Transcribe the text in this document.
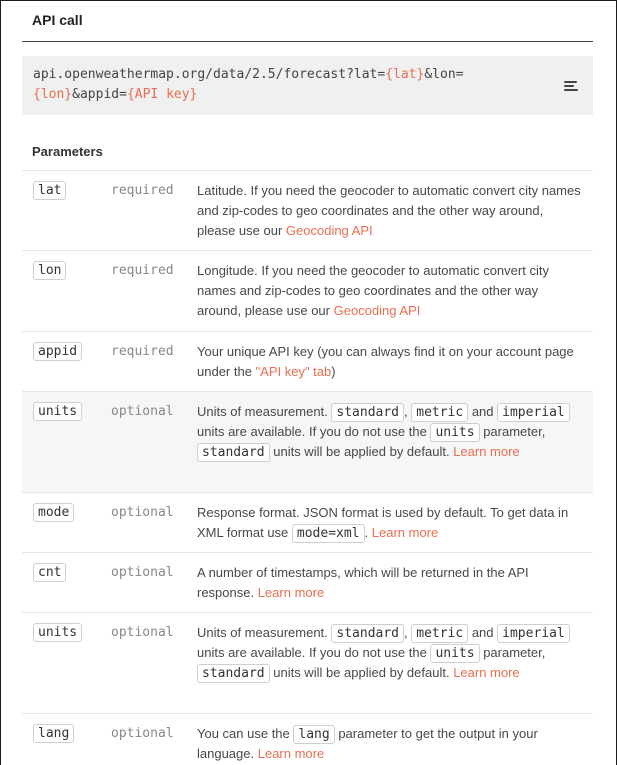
API call
api.openweathermap.org/data/2.5/forecast?lat={lat}&lon={lon}&appid={API key}
Parameters
lat	required Latitude. If you need the geocoder to automatic convert city names and zip-codes to geo coordinates and the other way around, please use our Geocoding API
lon	required Longitude. If you need the geocoder to automatic convert city names and zip-codes to geo coordinates and the other way around, please use our Geocoding API
appid	required Your unique API key (you can always find it on your account page under the "API key" tab)
units	optional Units of measurement. standard , metric and imperial units are available. If you do not use the units parameter, standard units will be applied by default. Learn more
mode	optional Response format. JSON format is used by default. To get data in XML format use mode=xml . Learn more
cnt	optional A number of timestamps, which will be returned in the API response. Learn more
units	optional Units of measurement. standard , metric and imperial units are available. If you do not use the units parameter, standard units will be applied by default. Learn more
lang	optional You can use the lang parameter to get the output in your language. Learn more
